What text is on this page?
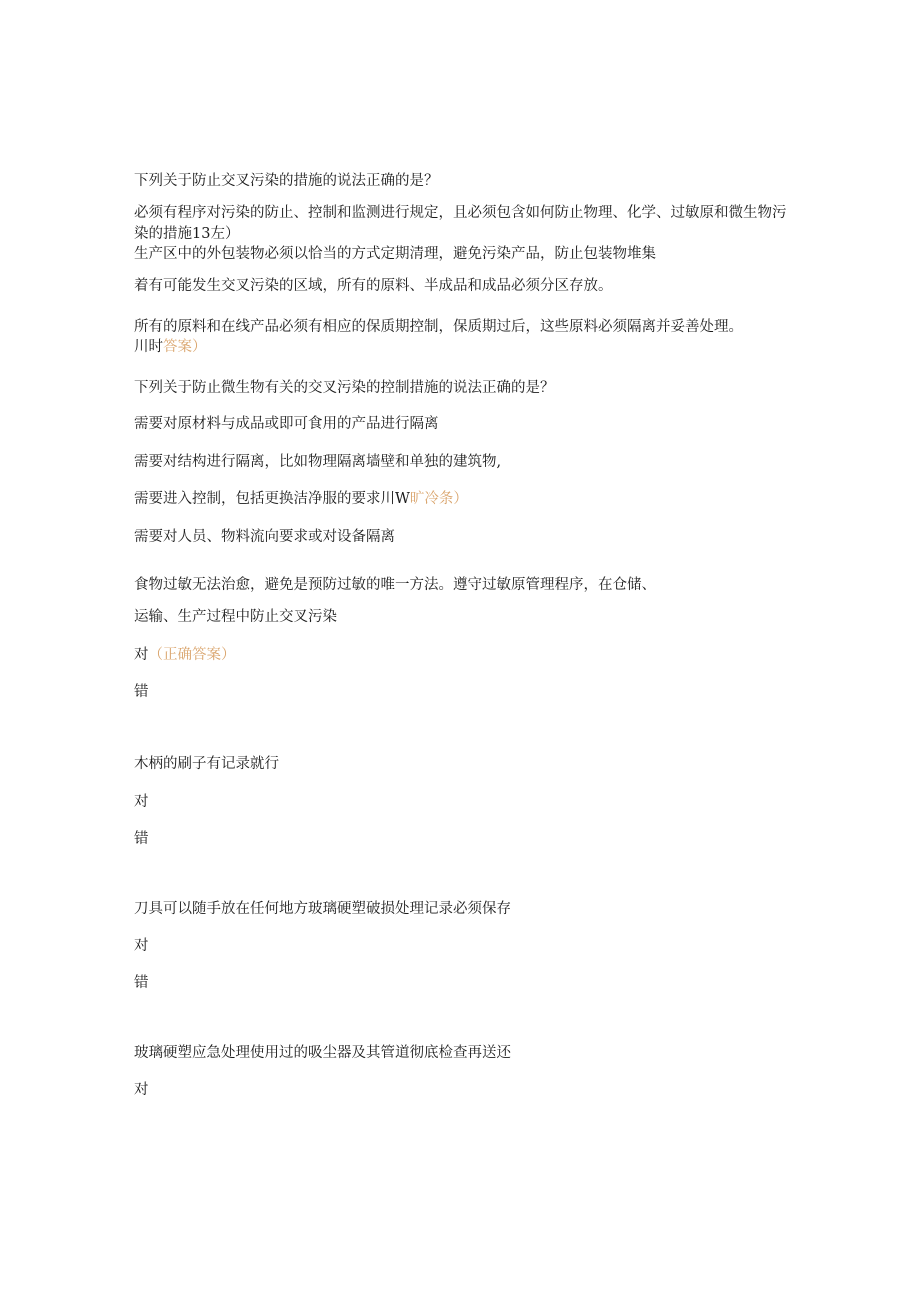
下列关于防止交叉污染的措施的说法正确的是？
必须有程序对污染的防止、控制和监测进行规定，且必须包含如何防止物理、化学、过敏原和微生物污染的措施13左）
生产区中的外包装物必须以恰当的方式定期清理，避免污染产品，防止包装物堆集
着有可能发生交叉污染的区域，所有的原料、半成品和成品必须分区存放。
所有的原料和在线产品必须有相应的保质期控制，保质期过后，这些原料必须隔离并妥善处理。
川时答案）
下列关于防止微生物有关的交叉污染的控制措施的说法正确的是？
需要对原材料与成品或即可食用的产品进行隔离
需要对结构进行隔离，比如物理隔离墙壁和单独的建筑物,
需要进入控制，包括更换洁净服的要求川W旷冷条）
需要对人员、物料流向要求或对设备隔离
食物过敏无法治愈，避免是预防过敏的唯一方法。遵守过敏原管理程序，在仓储、
运输、生产过程中防止交叉污染
对（正确答案）
错
木柄的刷子有记录就行
对
错
刀具可以随手放在任何地方玻璃硬塑破损处理记录必须保存
对
错
玻璃硬塑应急处理使用过的吸尘器及其管道彻底检查再送还
对
